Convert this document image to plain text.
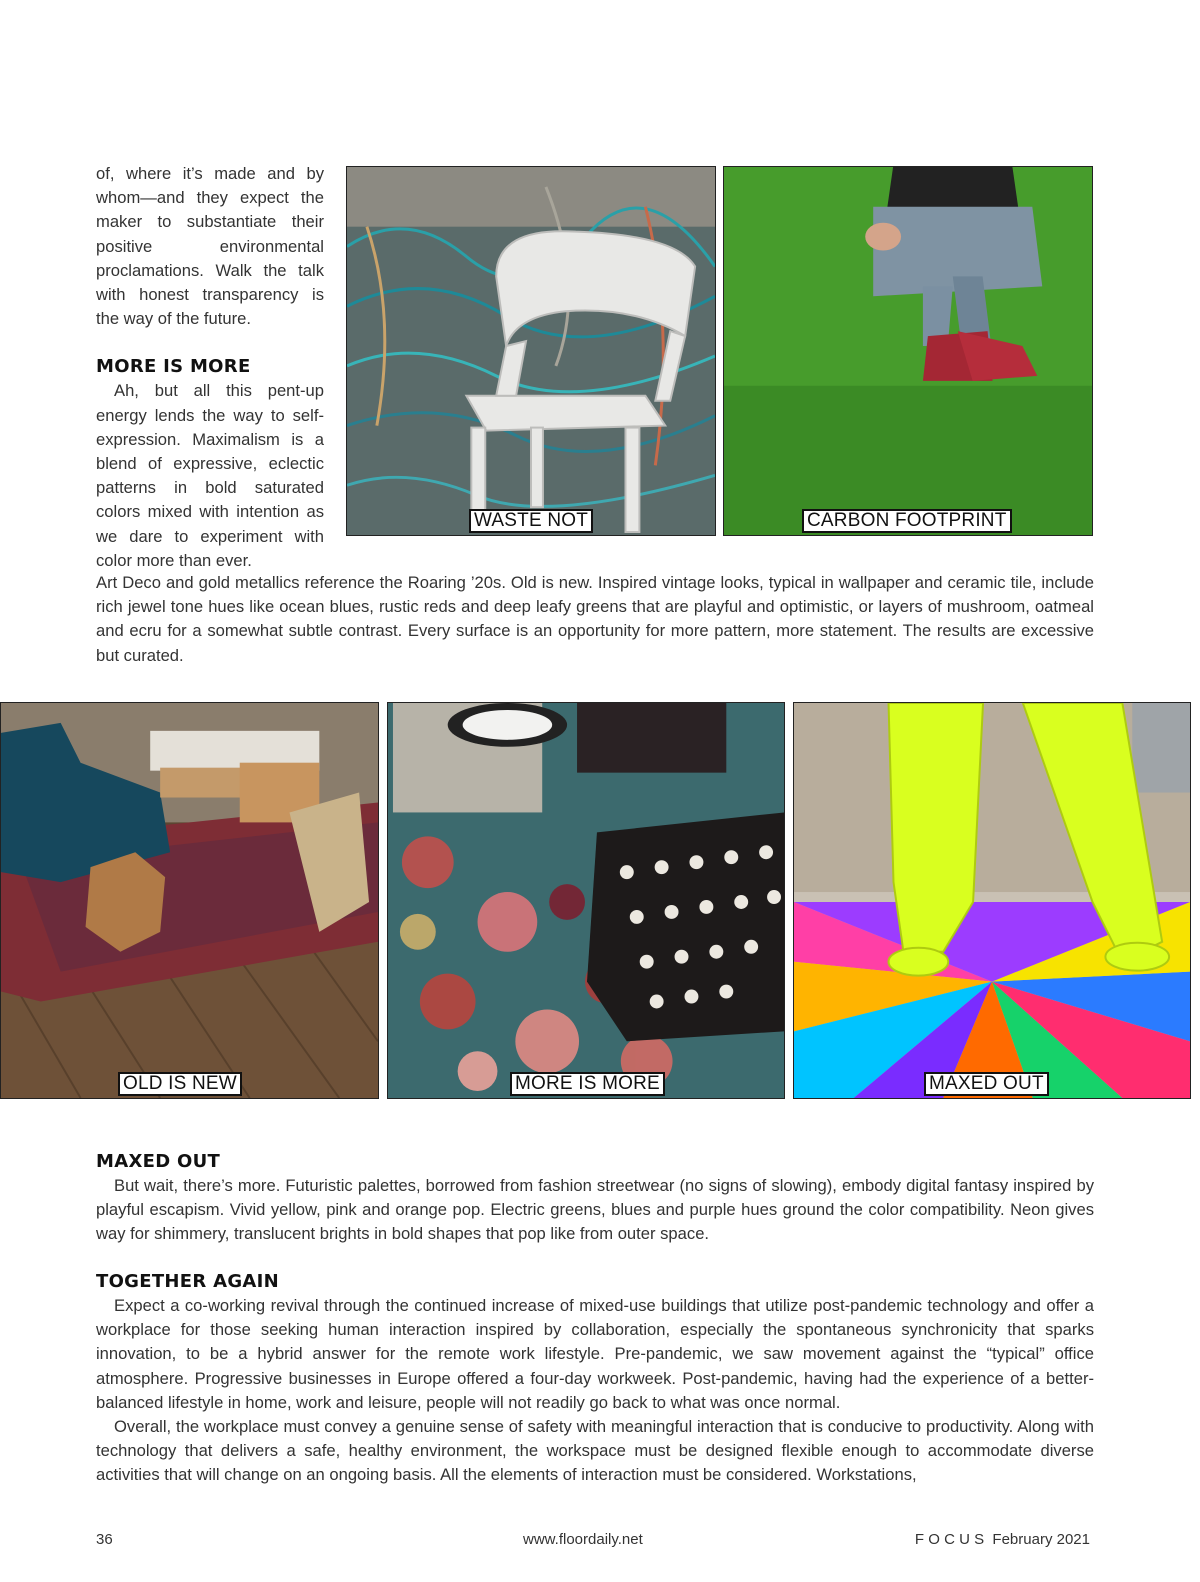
of, where it’s made and by whom—and they expect the maker to substantiate their positive environmental proclamations. Walk the talk with honest transparency is the way of the future.

MORE IS MORE

Ah, but all this pent-up energy lends the way to self-expression. Maximalism is a blend of expressive, eclectic patterns in bold saturated colors mixed with intention as we dare to experiment with color more than ever.

WASTE NOT	CARBON FOOTPRINT

Art Deco and gold metallics reference the Roaring ’20s. Old is new. Inspired vintage looks, typical in wallpaper and ceramic tile, include rich jewel tone hues like ocean blues, rustic reds and deep leafy greens that are playful and optimistic, or layers of mushroom, oatmeal and ecru for a somewhat subtle contrast. Every surface is an opportunity for more pattern, more statement. The results are excessive but curated.

OLD IS NEW	MORE IS MORE	MAXED OUT
MAXED OUT

But wait, there’s more. Futuristic palettes, borrowed from fashion streetwear (no signs of slowing), embody digital fantasy inspired by playful escapism. Vivid yellow, pink and orange pop. Electric greens, blues and purple hues ground the color compatibility. Neon gives way for shimmery, translucent brights in bold shapes that pop like from outer space.

TOGETHER AGAIN

Expect a co-working revival through the continued increase of mixed-use buildings that utilize post-pandemic technology and offer a workplace for those seeking human interaction inspired by collaboration, especially the spontaneous synchronicity that sparks innovation, to be a hybrid answer for the remote work lifestyle. Pre-pandemic, we saw movement against the “typical” office atmosphere. Progressive businesses in Europe offered a four-day workweek. Post-pandemic, having had the experience of a better-balanced lifestyle in home, work and leisure, people will not readily go back to what was once normal.

Overall, the workplace must convey a genuine sense of safety with meaningful interaction that is conducive to productivity. Along with technology that delivers a safe, healthy environment, the workspace must be designed flexible enough to accommodate diverse activities that will change on an ongoing basis. All the elements of interaction must be considered. Workstations,

36	www.floordaily.net	F O C U S  February 2021
